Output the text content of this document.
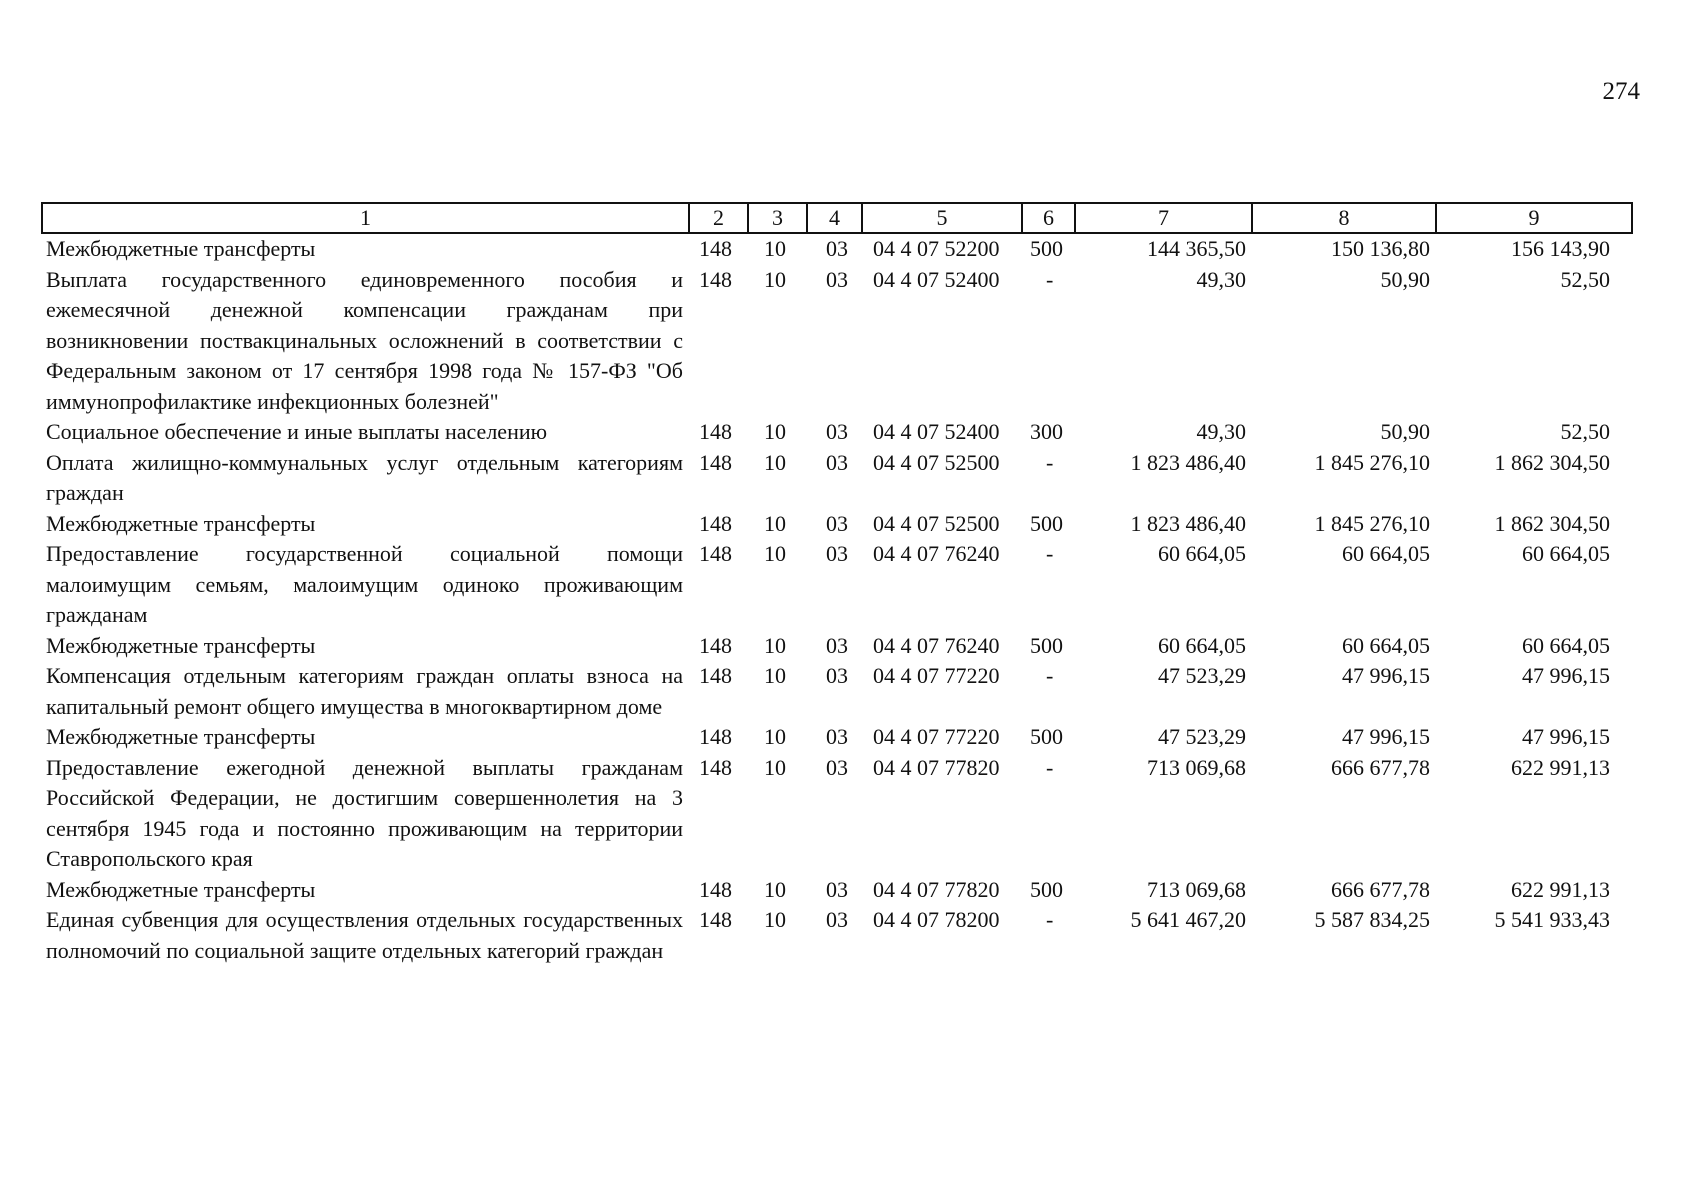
274
1	2	3	4	5	6	7	8	9
Межбюджетные трансферты	148	10	03	04 4 07 52200	500	144 365,50	150 136,80	156 143,90
Выплата государственного единовременного пособия и ежемесячной денежной компенсации гражданам при возникновении поствакцинальных осложнений в соответствии с Федеральным законом от 17 сентября 1998 года № 157-ФЗ "Об иммунопрофилактике инфекционных болезней"	148	10	03	04 4 07 52400	-	49,30	50,90	52,50
Социальное обеспечение и иные выплаты населению	148	10	03	04 4 07 52400	300	49,30	50,90	52,50
Оплата жилищно-коммунальных услуг отдельным категориям граждан	148	10	03	04 4 07 52500	-	1 823 486,40	1 845 276,10	1 862 304,50
Межбюджетные трансферты	148	10	03	04 4 07 52500	500	1 823 486,40	1 845 276,10	1 862 304,50
Предоставление государственной социальной помощи малоимущим семьям, малоимущим одиноко проживающим гражданам	148	10	03	04 4 07 76240	-	60 664,05	60 664,05	60 664,05
Межбюджетные трансферты	148	10	03	04 4 07 76240	500	60 664,05	60 664,05	60 664,05
Компенсация отдельным категориям граждан оплаты взноса на капитальный ремонт общего имущества в многоквартирном доме	148	10	03	04 4 07 77220	-	47 523,29	47 996,15	47 996,15
Межбюджетные трансферты	148	10	03	04 4 07 77220	500	47 523,29	47 996,15	47 996,15
Предоставление ежегодной денежной выплаты гражданам Российской Федерации, не достигшим совершеннолетия на 3 сентября 1945 года и постоянно проживающим на территории Ставропольского края	148	10	03	04 4 07 77820	-	713 069,68	666 677,78	622 991,13
Межбюджетные трансферты	148	10	03	04 4 07 77820	500	713 069,68	666 677,78	622 991,13
Единая субвенция для осуществления отдельных государственных полномочий по социальной защите отдельных категорий граждан	148	10	03	04 4 07 78200	-	5 641 467,20	5 587 834,25	5 541 933,43
